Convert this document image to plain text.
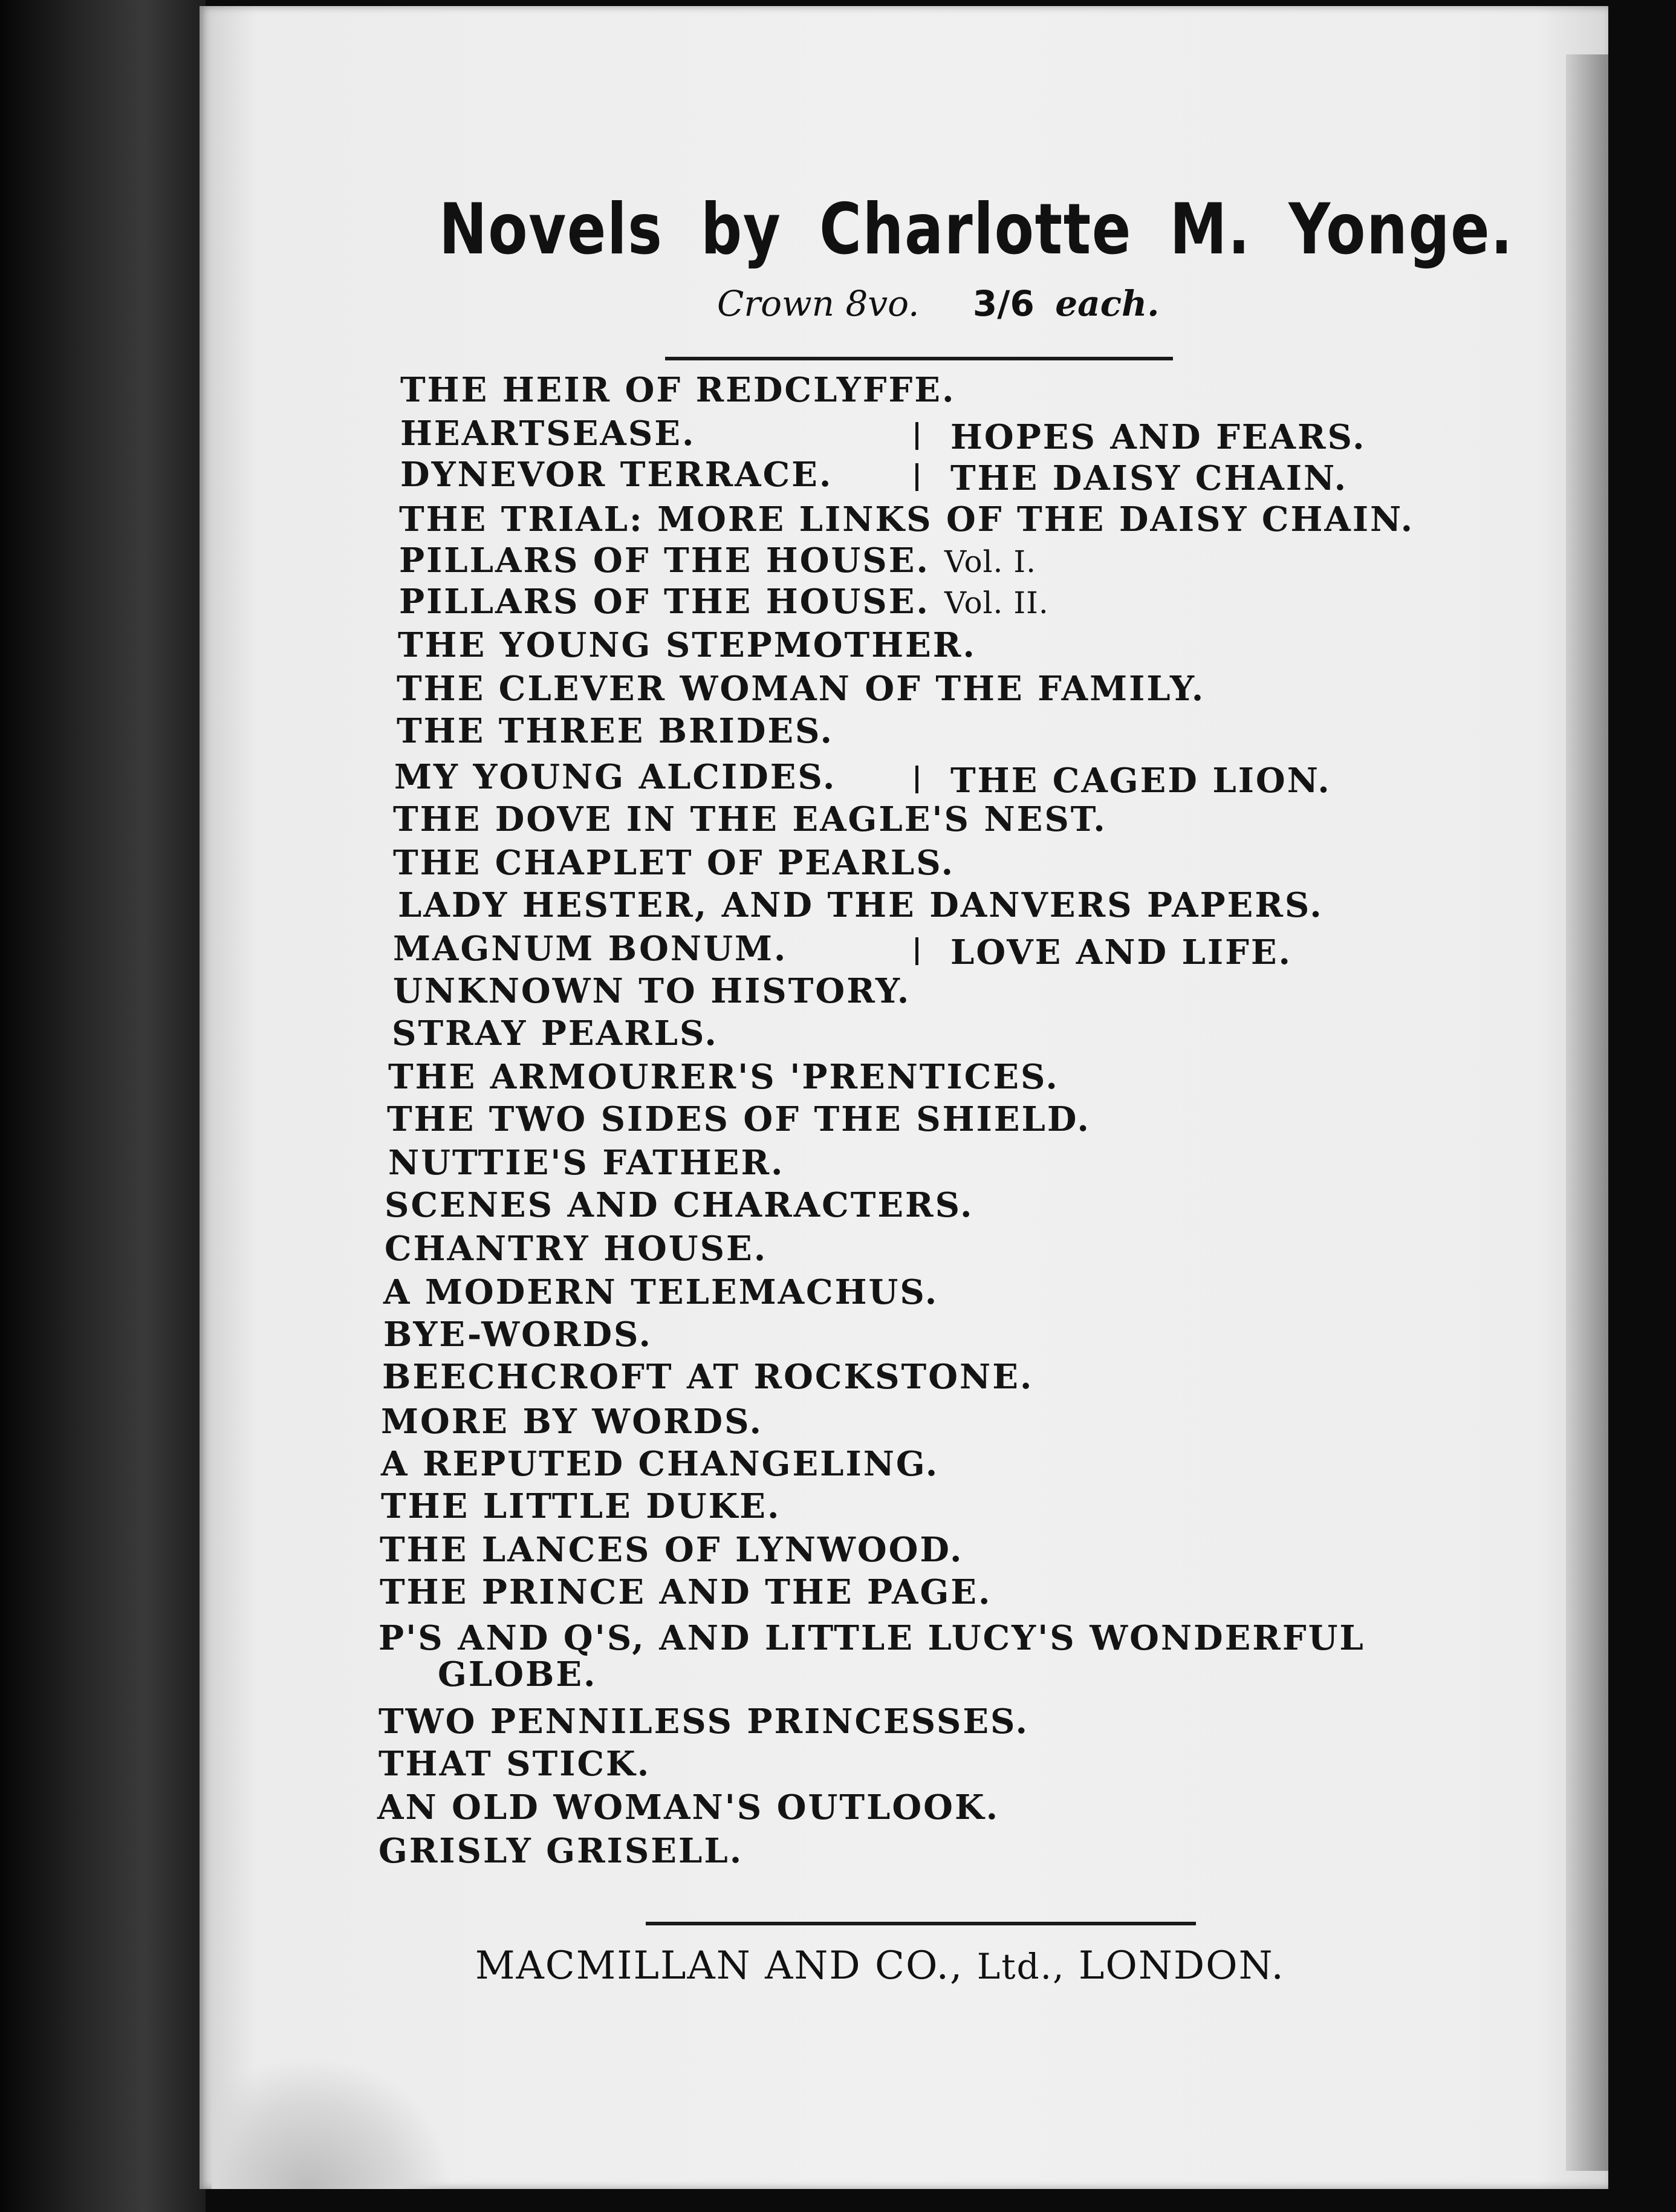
Novels by Charlotte M. Yonge.
Crown 8vo. 3/6 each.
THE HEIR OF REDCLYFFE.
HEARTSEASE.	HOPES AND FEARS.
DYNEVOR TERRACE.	THE DAISY CHAIN.
THE TRIAL: MORE LINKS OF THE DAISY CHAIN.
PILLARS OF THE HOUSE. Vol. I.
PILLARS OF THE HOUSE. Vol. II.
THE YOUNG STEPMOTHER.
THE CLEVER WOMAN OF THE FAMILY.
THE THREE BRIDES.
MY YOUNG ALCIDES.	THE CAGED LION.
THE DOVE IN THE EAGLE'S NEST.
THE CHAPLET OF PEARLS.
LADY HESTER, AND THE DANVERS PAPERS.
MAGNUM BONUM.	LOVE AND LIFE.
UNKNOWN TO HISTORY.
STRAY PEARLS.
THE ARMOURER'S 'PRENTICES.
THE TWO SIDES OF THE SHIELD.
NUTTIE'S FATHER.
SCENES AND CHARACTERS.
CHANTRY HOUSE.
A MODERN TELEMACHUS.
BYE-WORDS.
BEECHCROFT AT ROCKSTONE.
MORE BY WORDS.
A REPUTED CHANGELING.
THE LITTLE DUKE.
THE LANCES OF LYNWOOD.
THE PRINCE AND THE PAGE.
P'S AND Q'S, AND LITTLE LUCY'S WONDERFUL
GLOBE.
TWO PENNILESS PRINCESSES.
THAT STICK.
AN OLD WOMAN'S OUTLOOK.
GRISLY GRISELL.
MACMILLAN AND CO., Ltd., LONDON.
